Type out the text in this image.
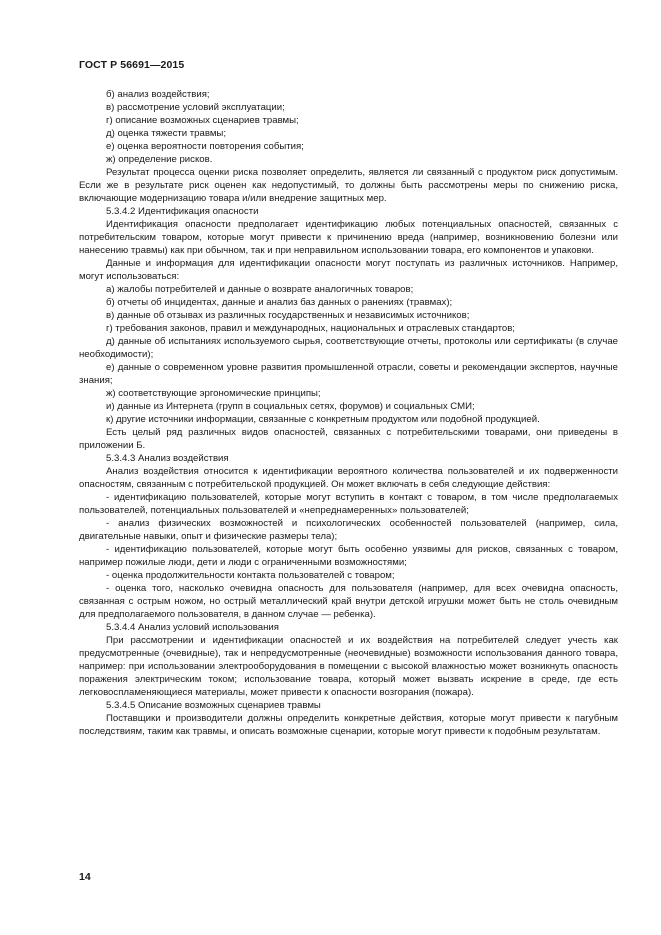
ГОСТ Р 56691—2015

б) анализ воздействия;

в) рассмотрение условий эксплуатации;

г) описание возможных сценариев травмы;

д) оценка тяжести травмы;

е) оценка вероятности повторения события;

ж) определение рисков.

Результат процесса оценки риска позволяет определить, является ли связанный с продуктом риск допустимым. Если же в результате риск оценен как недопустимый, то должны быть рассмотрены меры по снижению риска, включающие модернизацию товара и/или внедрение защитных мер.

5.3.4.2 Идентификация опасности

Идентификация опасности предполагает идентификацию любых потенциальных опасностей, связанных с потребительским товаром, которые могут привести к причинению вреда (например, возникновению болезни или нанесению травмы) как при обычном, так и при неправильном использовании товара, его компонентов и упаковки.

Данные и информация для идентификации опасности могут поступать из различных источников. Например, могут использоваться:

а) жалобы потребителей и данные о возврате аналогичных товаров;

б) отчеты об инцидентах, данные и анализ баз данных о ранениях (травмах);

в) данные об отзывах из различных государственных и независимых источников;

г) требования законов, правил и международных, национальных и отраслевых стандартов;

д) данные об испытаниях используемого сырья, соответствующие отчеты, протоколы или сертификаты (в случае необходимости);

е) данные о современном уровне развития промышленной отрасли, советы и рекомендации экспертов, научные знания;

ж) соответствующие эргономические принципы;

и) данные из Интернета (групп в социальных сетях, форумов) и социальных СМИ;

к) другие источники информации, связанные с конкретным продуктом или подобной продукцией.

Есть целый ряд различных видов опасностей, связанных с потребительскими товарами, они приведены в приложении Б.

5.3.4.3 Анализ воздействия

Анализ воздействия относится к идентификации вероятного количества пользователей и их подверженности опасностям, связанным с потребительской продукцией. Он может включать в себя следующие действия:

- идентификацию пользователей, которые могут вступить в контакт с товаром, в том числе предполагаемых пользователей, потенциальных пользователей и «непреднамеренных» пользователей;

- анализ физических возможностей и психологических особенностей пользователей (например, сила, двигательные навыки, опыт и физические размеры тела);

- идентификацию пользователей, которые могут быть особенно уязвимы для рисков, связанных с товаром, например пожилые люди, дети и люди с ограниченными возможностями;

- оценка продолжительности контакта пользователей с товаром;

- оценка того, насколько очевидна опасность для пользователя (например, для всех очевидна опасность, связанная с острым ножом, но острый металлический край внутри детской игрушки может быть не столь очевидным для предполагаемого пользователя, в данном случае — ребенка).

5.3.4.4 Анализ условий использования

При рассмотрении и идентификации опасностей и их воздействия на потребителей следует учесть как предусмотренные (очевидные), так и непредусмотренные (неочевидные) возможности использования данного товара, например: при использовании электрооборудования в помещении с высокой влажностью может возникнуть опасность поражения электрическим током; использование товара, который может вызвать искрение в среде, где есть легковоспламеняющиеся материалы, может привести к опасности возгорания (пожара).

5.3.4.5 Описание возможных сценариев травмы

Поставщики и производители должны определить конкретные действия, которые могут привести к пагубным последствиям, таким как травмы, и описать возможные сценарии, которые могут привести к подобным результатам.

14
